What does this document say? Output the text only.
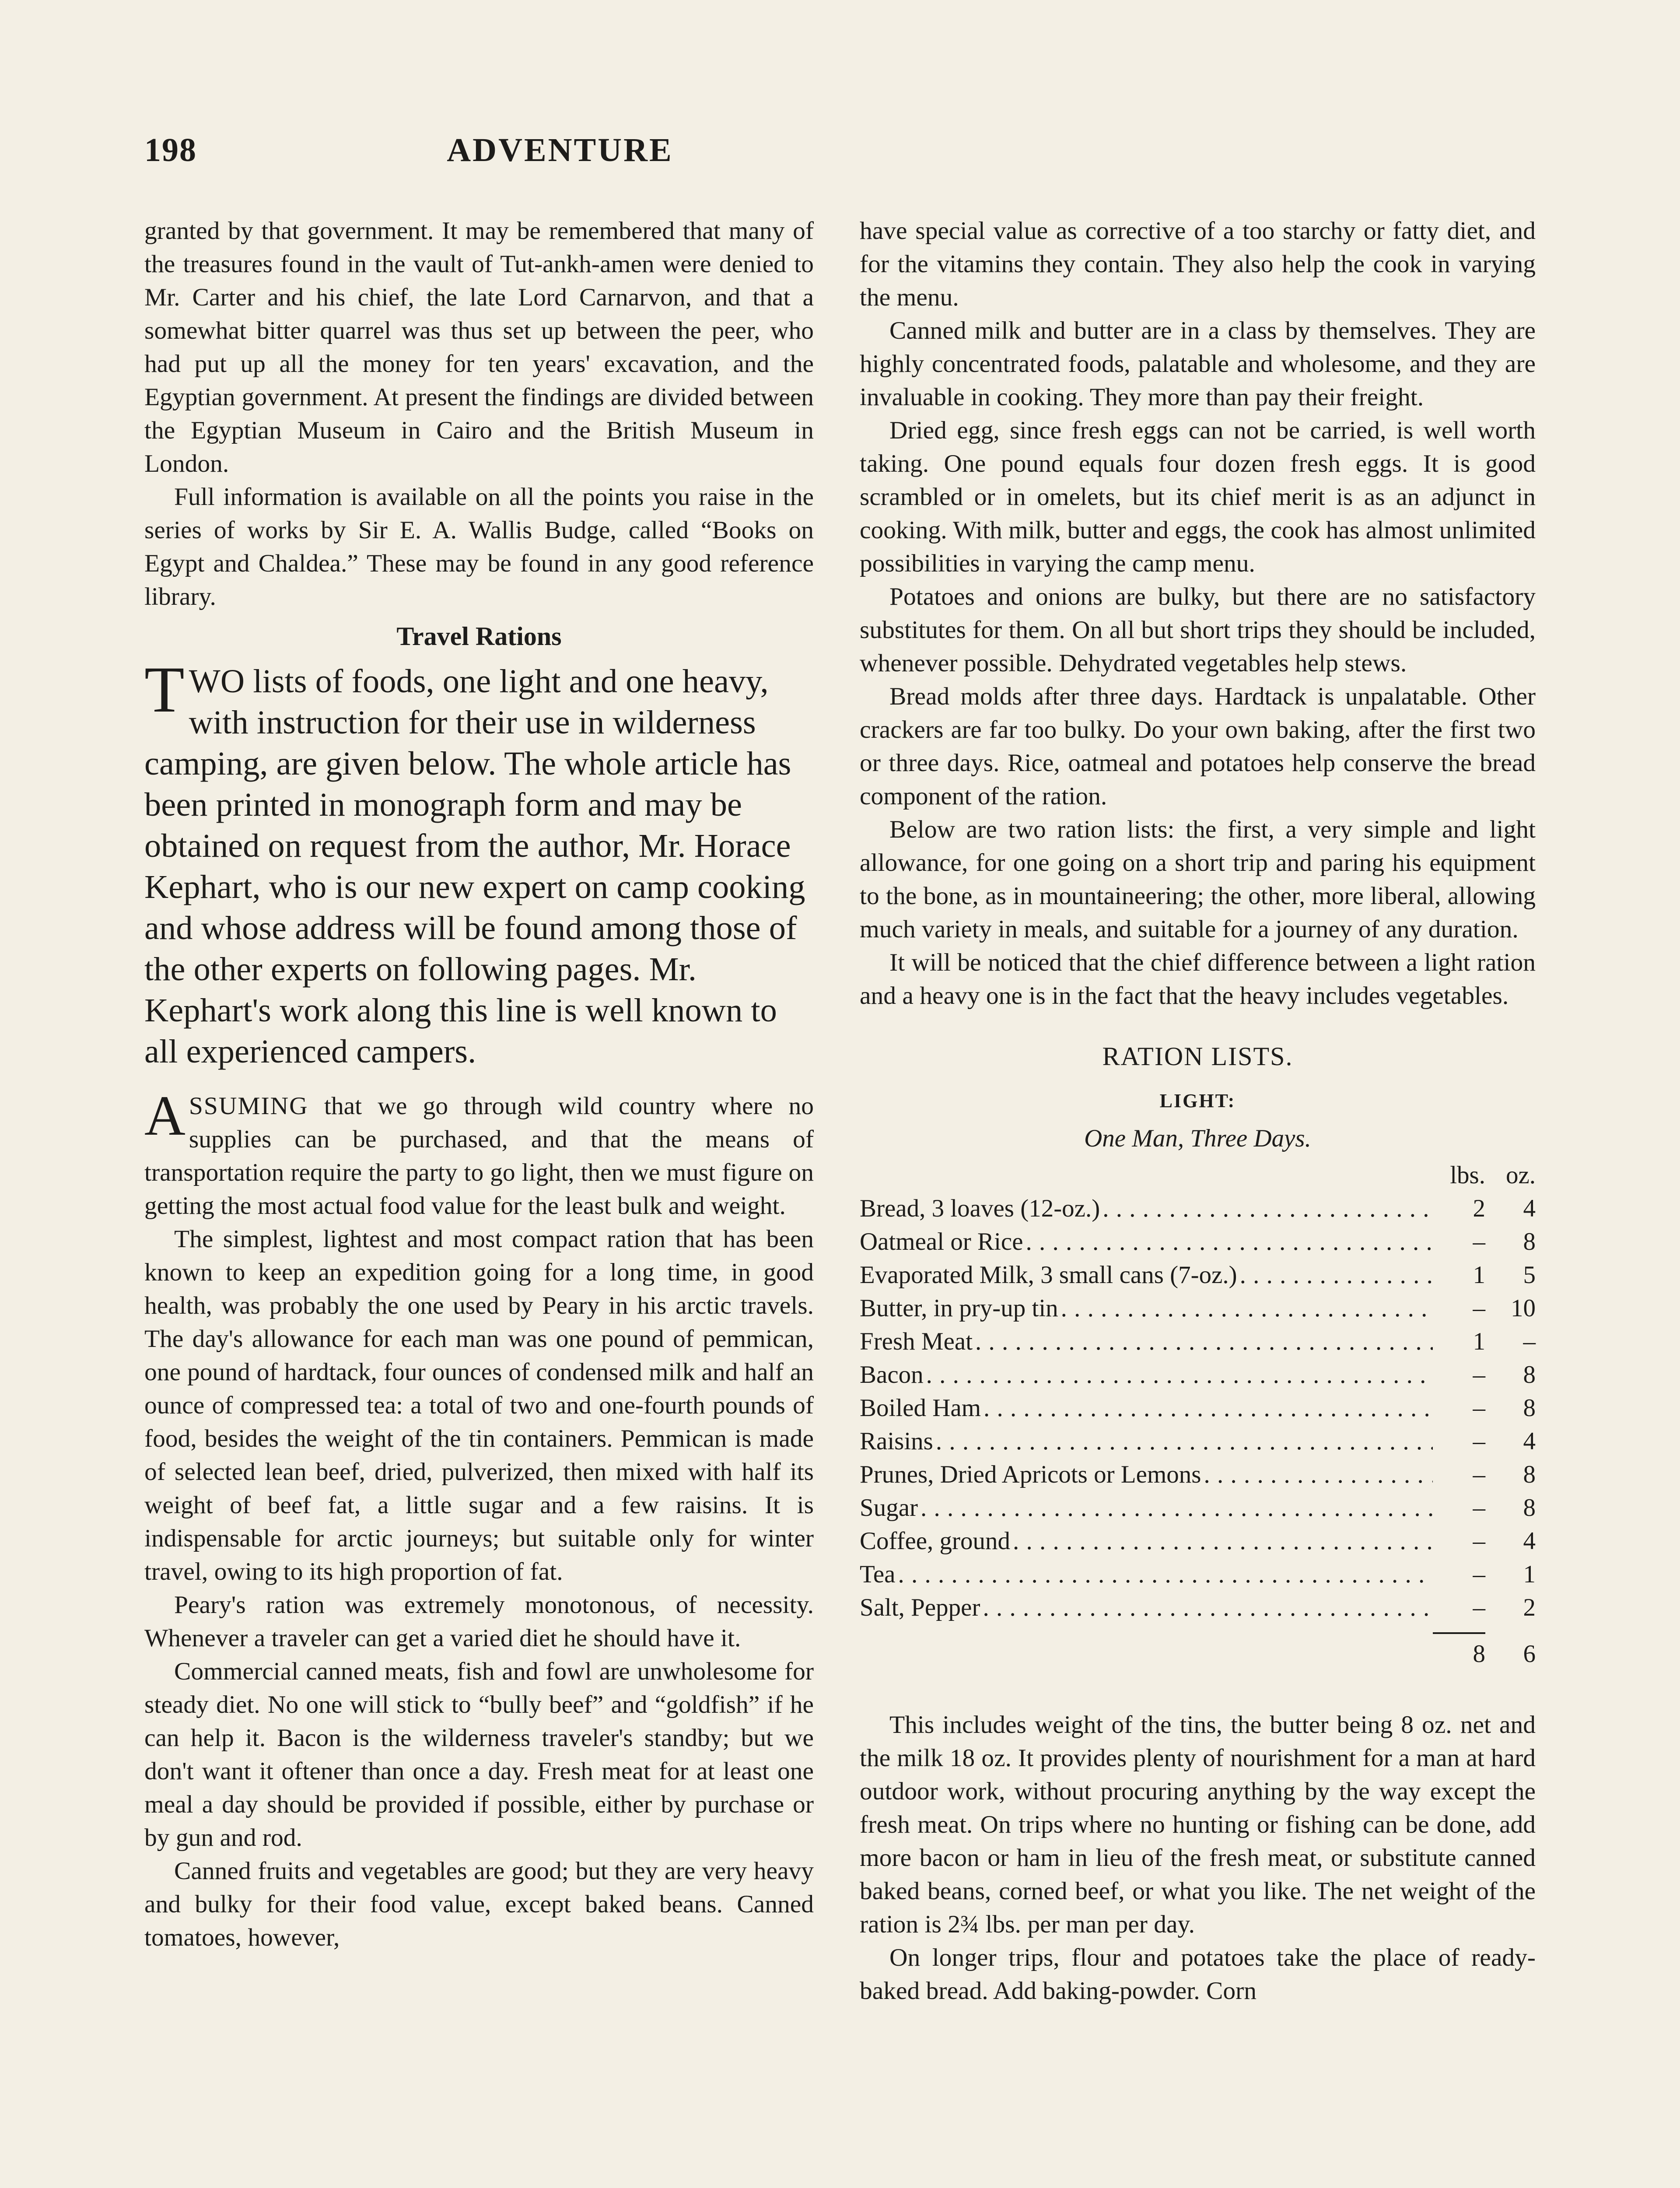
198	ADVENTURE

granted by that government. It may be remembered that many of the treasures found in the vault of Tut-ankh-amen were denied to Mr. Carter and his chief, the late Lord Carnarvon, and that a somewhat bitter quarrel was thus set up between the peer, who had put up all the money for ten years' excavation, and the Egyptian government. At present the findings are divided between the Egyptian Museum in Cairo and the British Museum in London.

Full information is available on all the points you raise in the series of works by Sir E. A. Wallis Budge, called “Books on Egypt and Chaldea.” These may be found in any good reference library.

Travel Rations

TWO lists of foods, one light and one heavy, with instruction for their use in wilderness camping, are given below. The whole article has been printed in monograph form and may be obtained on request from the author, Mr. Horace Kephart, who is our new expert on camp cooking and whose address will be found among those of the other experts on following pages. Mr. Kephart's work along this line is well known to all experienced campers.

ASSUMING that we go through wild country where no supplies can be purchased, and that the means of transportation require the party to go light, then we must figure on getting the most actual food value for the least bulk and weight.

The simplest, lightest and most compact ration that has been known to keep an expedition going for a long time, in good health, was probably the one used by Peary in his arctic travels. The day's allowance for each man was one pound of pemmican, one pound of hardtack, four ounces of condensed milk and half an ounce of compressed tea: a total of two and one-fourth pounds of food, besides the weight of the tin containers. Pemmican is made of selected lean beef, dried, pulverized, then mixed with half its weight of beef fat, a little sugar and a few raisins. It is indispensable for arctic journeys; but suitable only for winter travel, owing to its high proportion of fat.

Peary's ration was extremely monotonous, of necessity. Whenever a traveler can get a varied diet he should have it.

Commercial canned meats, fish and fowl are unwholesome for steady diet. No one will stick to “bully beef” and “goldfish” if he can help it. Bacon is the wilderness traveler's standby; but we don't want it oftener than once a day. Fresh meat for at least one meal a day should be provided if possible, either by purchase or by gun and rod.

Canned fruits and vegetables are good; but they are very heavy and bulky for their food value, except baked beans. Canned tomatoes, however,

have special value as corrective of a too starchy or fatty diet, and for the vitamins they contain. They also help the cook in varying the menu.

Canned milk and butter are in a class by themselves. They are highly concentrated foods, palatable and wholesome, and they are invaluable in cooking. They more than pay their freight.

Dried egg, since fresh eggs can not be carried, is well worth taking. One pound equals four dozen fresh eggs. It is good scrambled or in omelets, but its chief merit is as an adjunct in cooking. With milk, butter and eggs, the cook has almost unlimited possibilities in varying the camp menu.

Potatoes and onions are bulky, but there are no satisfactory substitutes for them. On all but short trips they should be included, whenever possible. Dehydrated vegetables help stews.

Bread molds after three days. Hardtack is unpalatable. Other crackers are far too bulky. Do your own baking, after the first two or three days. Rice, oatmeal and potatoes help conserve the bread component of the ration.

Below are two ration lists: the first, a very simple and light allowance, for one going on a short trip and paring his equipment to the bone, as in mountaineering; the other, more liberal, allowing much variety in meals, and suitable for a journey of any duration.

It will be noticed that the chief difference between a light ration and a heavy one is in the fact that the heavy includes vegetables.

RATION LISTS.
LIGHT:
One Man, Three Days.
lbs. oz.
Bread, 3 loaves (12-oz.)	2	4
Oatmeal or Rice	–	8
Evaporated Milk, 3 small cans (7-oz.)	1	5
Butter, in pry-up tin	–	10
Fresh Meat	1	–
Bacon	–	8
Boiled Ham	–	8
Raisins	–	4
Prunes, Dried Apricots or Lemons	–	8
Sugar	–	8
Coffee, ground	–	4
Tea	–	1
Salt, Pepper	–	2
8	6

This includes weight of the tins, the butter being 8 oz. net and the milk 18 oz. It provides plenty of nourishment for a man at hard outdoor work, without procuring anything by the way except the fresh meat. On trips where no hunting or fishing can be done, add more bacon or ham in lieu of the fresh meat, or substitute canned baked beans, corned beef, or what you like. The net weight of the ration is 2¾ lbs. per man per day.

On longer trips, flour and potatoes take the place of ready-baked bread. Add baking-powder. Corn
